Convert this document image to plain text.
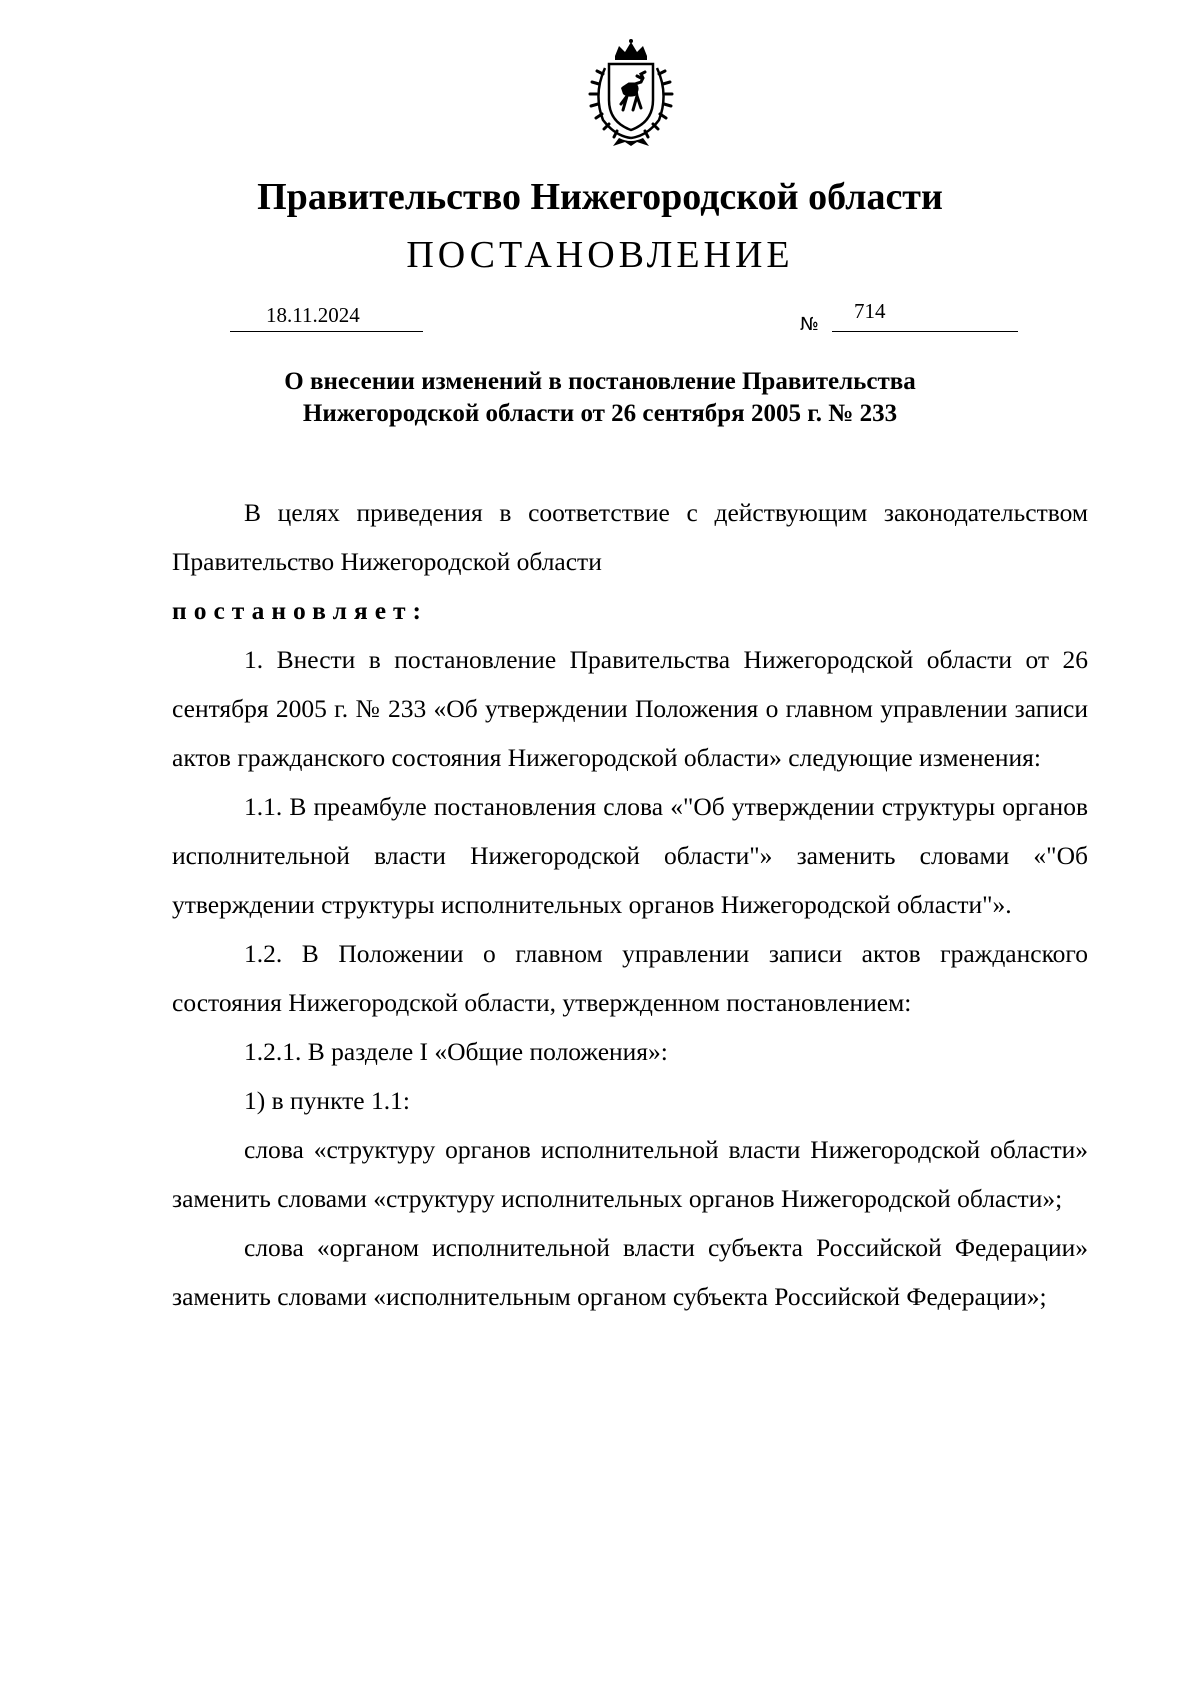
Правительство Нижегородской области
ПОСТАНОВЛЕНИЕ
18.11.2024	№
714
О внесении изменений в постановление Правительства
Нижегородской области от 26 сентября 2005 г. № 233

В целях приведения в соответствие с действующим законодательством Правительство Нижегородской области

постановляет:

1. Внести в постановление Правительства Нижегородской области от 26 сентября 2005 г. № 233 «Об утверждении Положения о главном управлении записи актов гражданского состояния Нижегородской области» следующие изменения:

1.1. В преамбуле постановления слова «"Об утверждении структуры органов исполнительной власти Нижегородской области"» заменить словами «"Об утверждении структуры исполнительных органов Нижегородской области"».

1.2. В Положении о главном управлении записи актов гражданского состояния Нижегородской области, утвержденном постановлением:

1.2.1. В разделе I «Общие положения»:

1) в пункте 1.1:

слова «структуру органов исполнительной власти Нижегородской области» заменить словами «структуру исполнительных органов Нижегородской области»;

слова «органом исполнительной власти субъекта Российской Федерации» заменить словами «исполнительным органом субъекта Российской Федерации»;
